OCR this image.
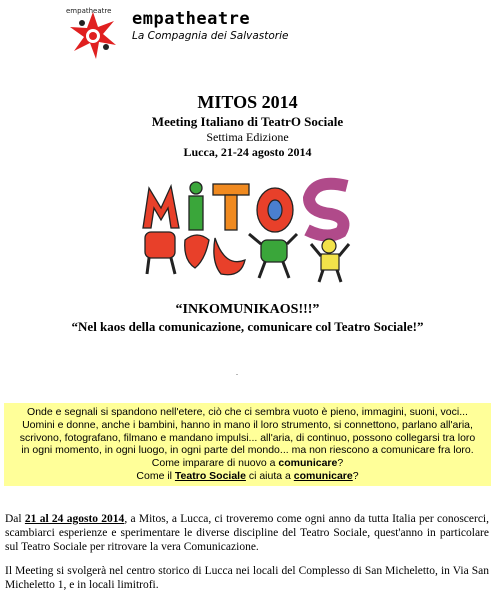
empatheatre empatheatre
La Compagnia dei Salvastorie
MITOS 2014
Meeting Italiano di TeatrO Sociale
Settima Edizione
Lucca, 21-24 agosto 2014
“INKOMUNIKAOS!!!”
“Nel kaos della comunicazione, comunicare col Teatro Sociale!”
.
Onde e segnali si spandono nell'etere, ciò che ci sembra vuoto è pieno, immagini, suoni, voci...
Uomini e donne, anche i bambini, hanno in mano il loro strumento, si connettono, parlano all'aria,
scrivono, fotografano, filmano e mandano impulsi... all'aria, di continuo, possono collegarsi tra loro
in ogni momento, in ogni luogo, in ogni parte del mondo... ma non riescono a comunicare fra loro.
Come imparare di nuovo a comunicare?
Come il Teatro Sociale ci aiuta a comunicare?
Dal 21 al 24 agosto 2014, a Mitos, a Lucca, ci troveremo come ogni anno da tutta Italia per conoscerci, scambiarci esperienze e sperimentare le diverse discipline del Teatro Sociale, quest'anno in particolare sul Teatro Sociale per ritrovare la vera Comunicazione.
Il Meeting si svolgerà nel centro storico di Lucca nei locali del Complesso di San Micheletto, in Via San Micheletto 1, e in locali limitrofi.
